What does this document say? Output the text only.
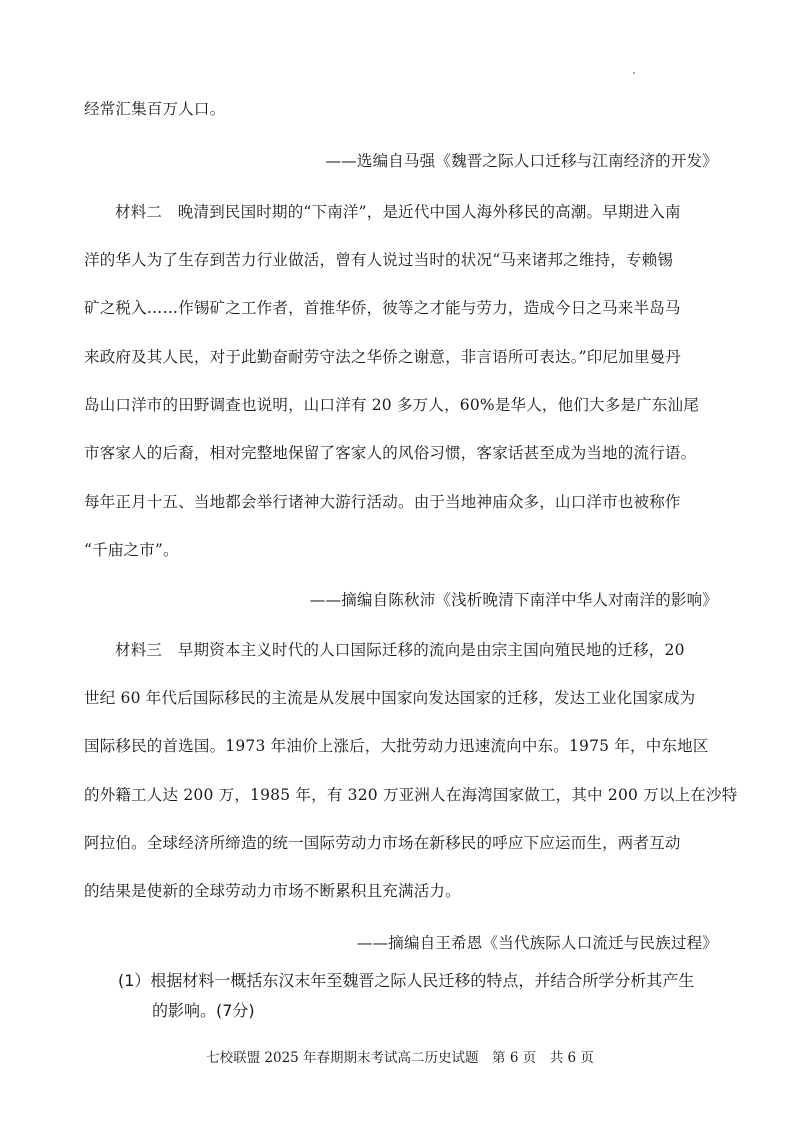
经常汇集百万人口。
——选编自马强《魏晋之际人口迁移与江南经济的开发》
材料二　晚清到民国时期的“下南洋”，是近代中国人海外移民的高潮。早期进入南
洋的华人为了生存到苦力行业做活，曾有人说过当时的状况“马来诸邦之维持，专赖锡
矿之税入……作锡矿之工作者，首推华侨，彼等之才能与劳力，造成今日之马来半岛马
来政府及其人民，对于此勤奋耐劳守法之华侨之谢意，非言语所可表达。”印尼加里曼丹
岛山口洋市的田野调查也说明，山口洋有 20 多万人，60%是华人，他们大多是广东汕尾
市客家人的后裔，相对完整地保留了客家人的风俗习惯，客家话甚至成为当地的流行语。
每年正月十五、当地都会举行诸神大游行活动。由于当地神庙众多，山口洋市也被称作
“千庙之市”。
——摘编自陈秋沛《浅析晚清下南洋中华人对南洋的影响》
材料三　早期资本主义时代的人口国际迁移的流向是由宗主国向殖民地的迁移，20
世纪 60 年代后国际移民的主流是从发展中国家向发达国家的迁移，发达工业化国家成为
国际移民的首选国。1973 年油价上涨后，大批劳动力迅速流向中东。1975 年，中东地区
的外籍工人达 200 万，1985 年，有 320 万亚洲人在海湾国家做工，其中 200 万以上在沙特
阿拉伯。全球经济所缔造的统一国际劳动力市场在新移民的呼应下应运而生，两者互动
的结果是使新的全球劳动力市场不断累积且充满活力。
——摘编自王希恩《当代族际人口流迁与民族过程》
(1）根据材料一概括东汉末年至魏晋之际人民迁移的特点，并结合所学分析其产生
的影响。(7分)
七校联盟 2025 年春期期末考试高二历史试题　第 6 页　共 6 页
